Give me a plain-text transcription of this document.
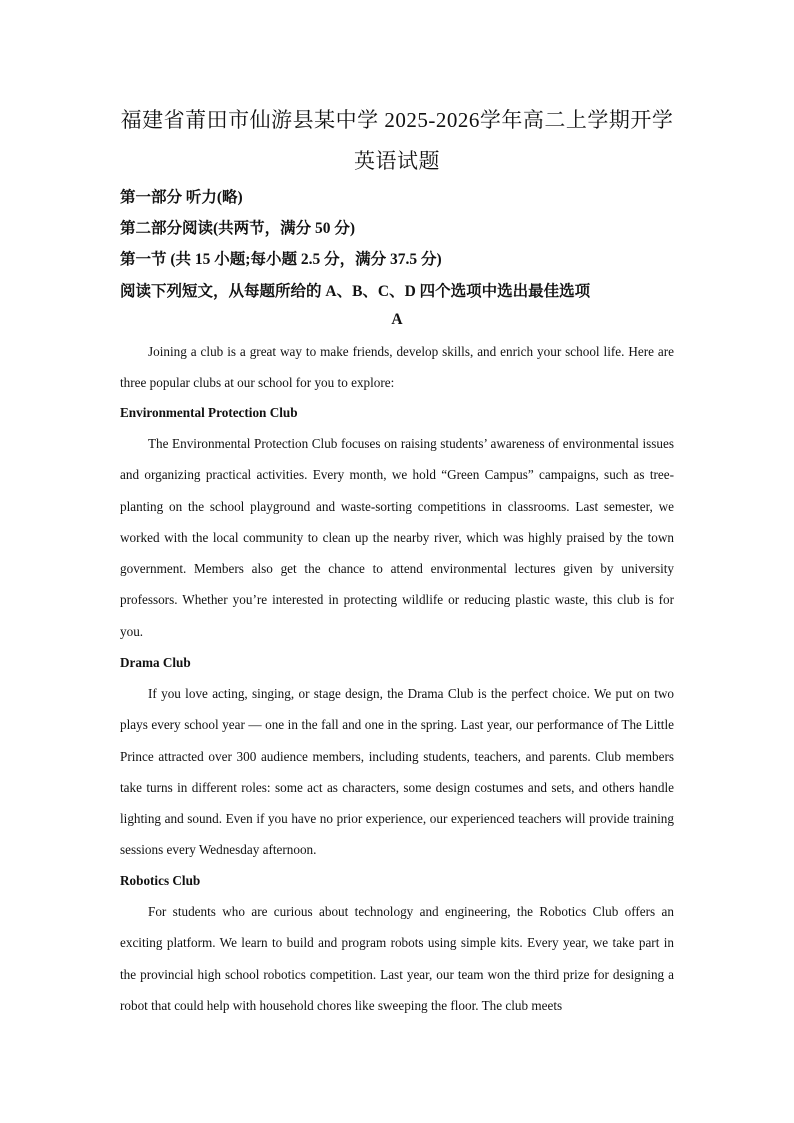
福建省莆田市仙游县某中学 2025-2026学年高二上学期开学
英语试题
第一部分 听力(略)
第二部分阅读(共两节，满分 50 分)
第一节 (共 15 小题;每小题 2.5 分，满分 37.5 分)
阅读下列短文，从每题所给的 A、B、C、D 四个选项中选出最佳选项
A

Joining a club is a great way to make friends, develop skills, and enrich your school life. Here are three popular clubs at our school for you to explore:

Environmental Protection Club

The Environmental Protection Club focuses on raising students’ awareness of environmental issues and organizing practical activities. Every month, we hold “Green Campus” campaigns, such as tree-planting on the school playground and waste-sorting competitions in classrooms. Last semester, we worked with the local community to clean up the nearby river, which was highly praised by the town government. Members also get the chance to attend environmental lectures given by university professors. Whether you’re interested in protecting wildlife or reducing plastic waste, this club is for you.

Drama Club

If you love acting, singing, or stage design, the Drama Club is the perfect choice. We put on two plays every school year — one in the fall and one in the spring. Last year, our performance of The Little Prince attracted over 300 audience members, including students, teachers, and parents. Club members take turns in different roles: some act as characters, some design costumes and sets, and others handle lighting and sound. Even if you have no prior experience, our experienced teachers will provide training sessions every Wednesday afternoon.

Robotics Club

For students who are curious about technology and engineering, the Robotics Club offers an exciting platform. We learn to build and program robots using simple kits. Every year, we take part in the provincial high school robotics competition. Last year, our team won the third prize for designing a robot that could help with household chores like sweeping the floor. The club meets
